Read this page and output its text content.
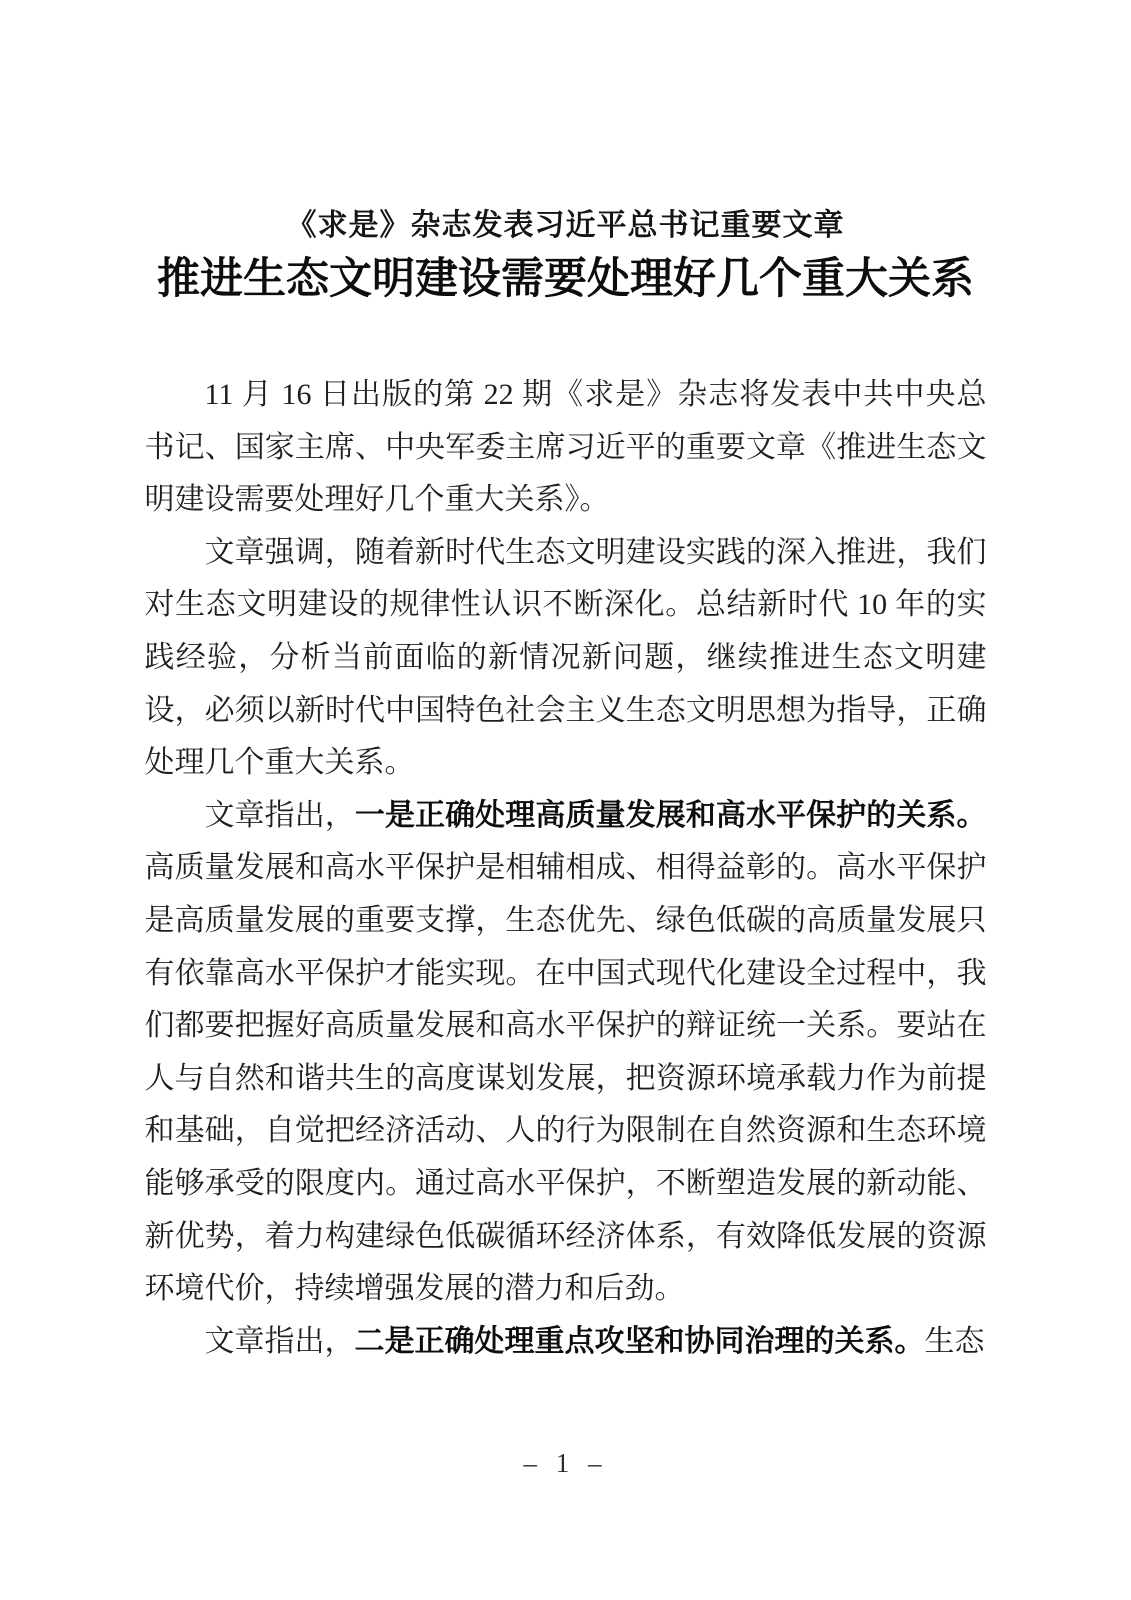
《求是》杂志发表习近平总书记重要文章
推进生态文明建设需要处理好几个重大关系

11 月 16 日出版的第 22 期《求是》杂志将发表中共中央总书记、国家主席、中央军委主席习近平的重要文章《推进生态文明建设需要处理好几个重大关系》。

文章强调，随着新时代生态文明建设实践的深入推进，我们对生态文明建设的规律性认识不断深化。总结新时代 10 年的实践经验，分析当前面临的新情况新问题，继续推进生态文明建设，必须以新时代中国特色社会主义生态文明思想为指导，正确处理几个重大关系。

文章指出，一是正确处理高质量发展和高水平保护的关系。高质量发展和高水平保护是相辅相成、相得益彰的。高水平保护是高质量发展的重要支撑，生态优先、绿色低碳的高质量发展只有依靠高水平保护才能实现。在中国式现代化建设全过程中，我们都要把握好高质量发展和高水平保护的辩证统一关系。要站在人与自然和谐共生的高度谋划发展，把资源环境承载力作为前提和基础，自觉把经济活动、人的行为限制在自然资源和生态环境能够承受的限度内。通过高水平保护，不断塑造发展的新动能、新优势，着力构建绿色低碳循环经济体系，有效降低发展的资源环境代价，持续增强发展的潜力和后劲。

文章指出，二是正确处理重点攻坚和协同治理的关系。生态

– 1 –
